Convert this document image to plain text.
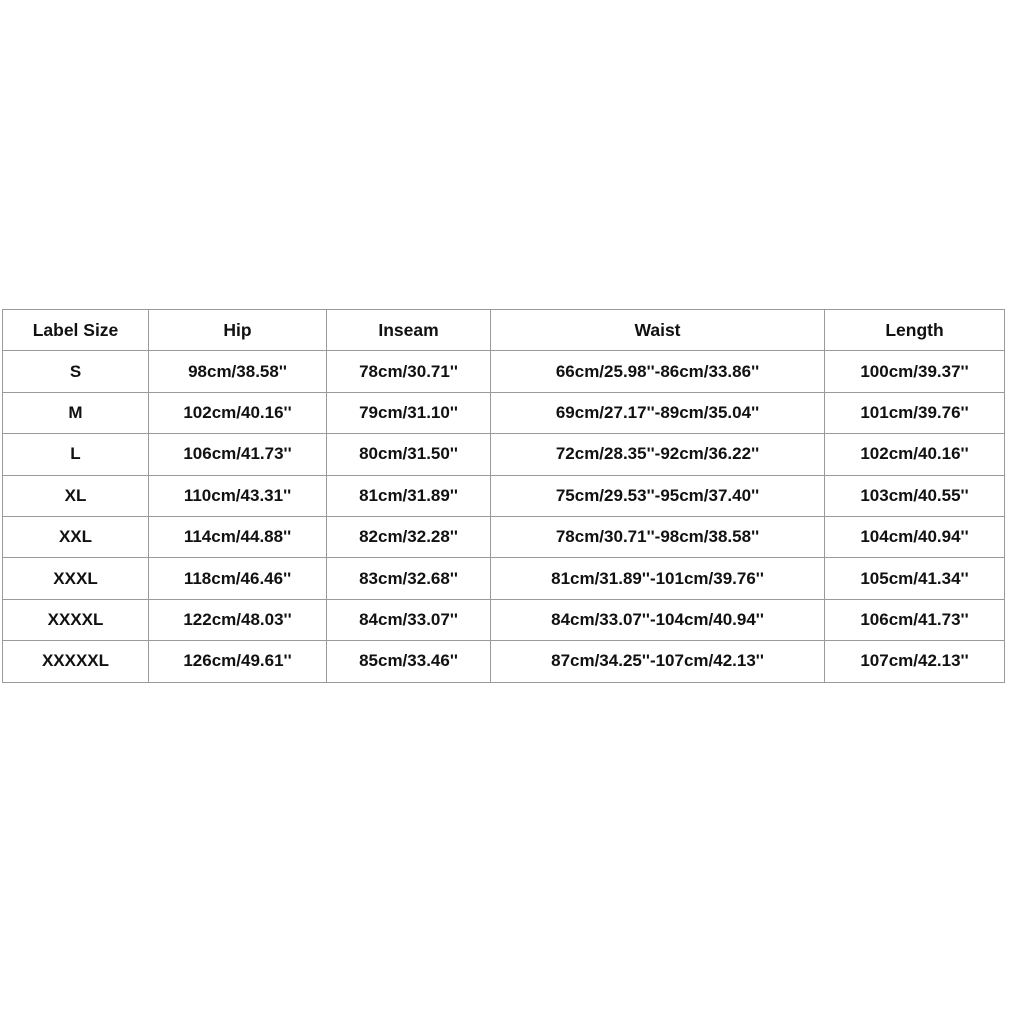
Label Size	Hip	Inseam	Waist	Length
S	98cm/38.58''	78cm/30.71''	66cm/25.98''-86cm/33.86''	100cm/39.37''
M	102cm/40.16''	79cm/31.10''	69cm/27.17''-89cm/35.04''	101cm/39.76''
L	106cm/41.73''	80cm/31.50''	72cm/28.35''-92cm/36.22''	102cm/40.16''
XL	110cm/43.31''	81cm/31.89''	75cm/29.53''-95cm/37.40''	103cm/40.55''
XXL	114cm/44.88''	82cm/32.28''	78cm/30.71''-98cm/38.58''	104cm/40.94''
XXXL	118cm/46.46''	83cm/32.68''	81cm/31.89''-101cm/39.76''	105cm/41.34''
XXXXL	122cm/48.03''	84cm/33.07''	84cm/33.07''-104cm/40.94''	106cm/41.73''
XXXXXL	126cm/49.61''	85cm/33.46''	87cm/34.25''-107cm/42.13''	107cm/42.13''
